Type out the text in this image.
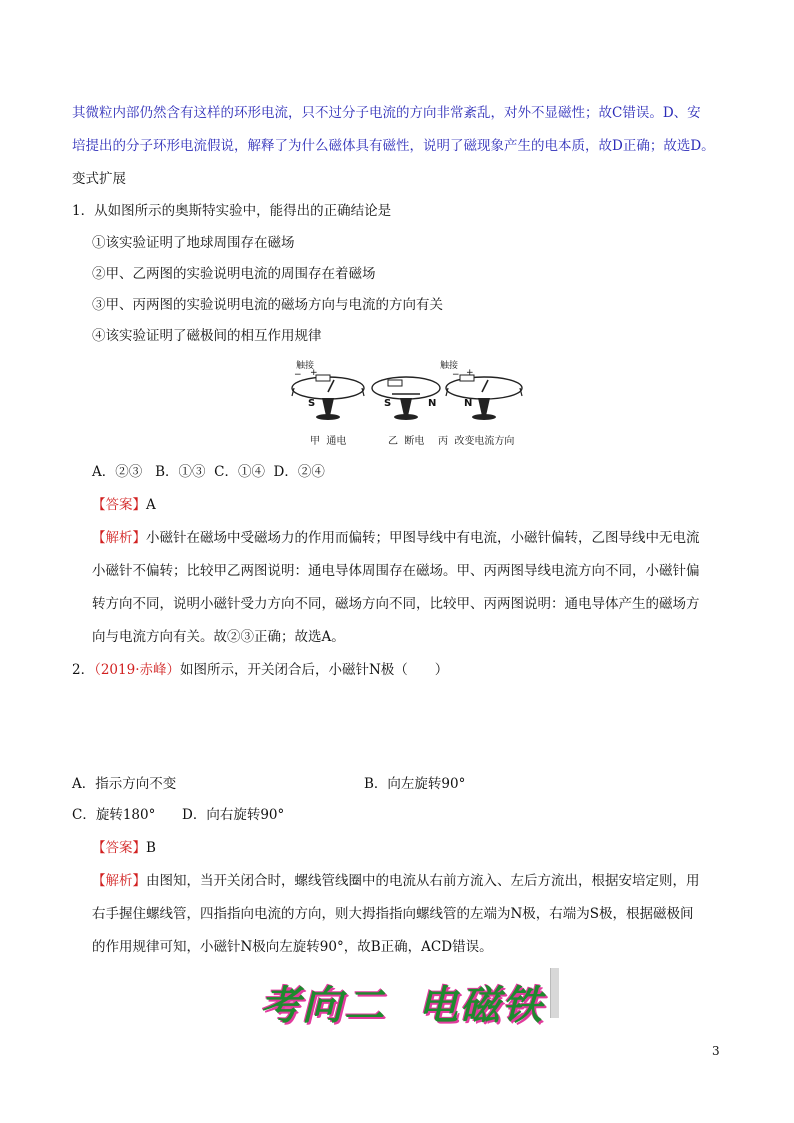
其微粒内部仍然含有这样的环形电流，只不过分子电流的方向非常紊乱，对外不显磁性；故C错误。D、安
培提出的分子环形电流假说，解释了为什么磁体具有磁性，说明了磁现象产生的电本质，故D正确；故选D。
变式扩展
1．从如图所示的奥斯特实验中，能得出的正确结论是
①该实验证明了地球周围存在磁场
②甲、乙两图的实验说明电流的周围存在着磁场
③甲、丙两图的实验说明电流的磁场方向与电流的方向有关
④该实验证明了磁极间的相互作用规律
触接	触接
− +	− +
S	N
S	N
甲  通电	乙  断电 丙  改变电流方向
A．②③   B．①③  C．①④  D．②④
【答案】A
【解析】小磁针在磁场中受磁场力的作用而偏转；甲图导线中有电流，小磁针偏转，乙图导线中无电流
小磁针不偏转；比较甲乙两图说明：通电导体周围存在磁场。甲、丙两图导线电流方向不同，小磁针偏
转方向不同，说明小磁针受力方向不同，磁场方向不同，比较甲、丙两图说明：通电导体产生的磁场方
向与电流方向有关。故②③正确；故选A。
2．（2019·赤峰）如图所示，开关闭合后，小磁针N极（　　）
A．指示方向不变	B．向左旋转90°
C．旋转180° D．向右旋转90°
【答案】B
【解析】由图知，当开关闭合时，螺线管线圈中的电流从右前方流入、左后方流出，根据安培定则，用
右手握住螺线管，四指指向电流的方向，则大拇指指向螺线管的左端为N极，右端为S极，根据磁极间
的作用规律可知，小磁针N极向左旋转90°，故B正确，ACD错误。
考向二  电磁铁
3
